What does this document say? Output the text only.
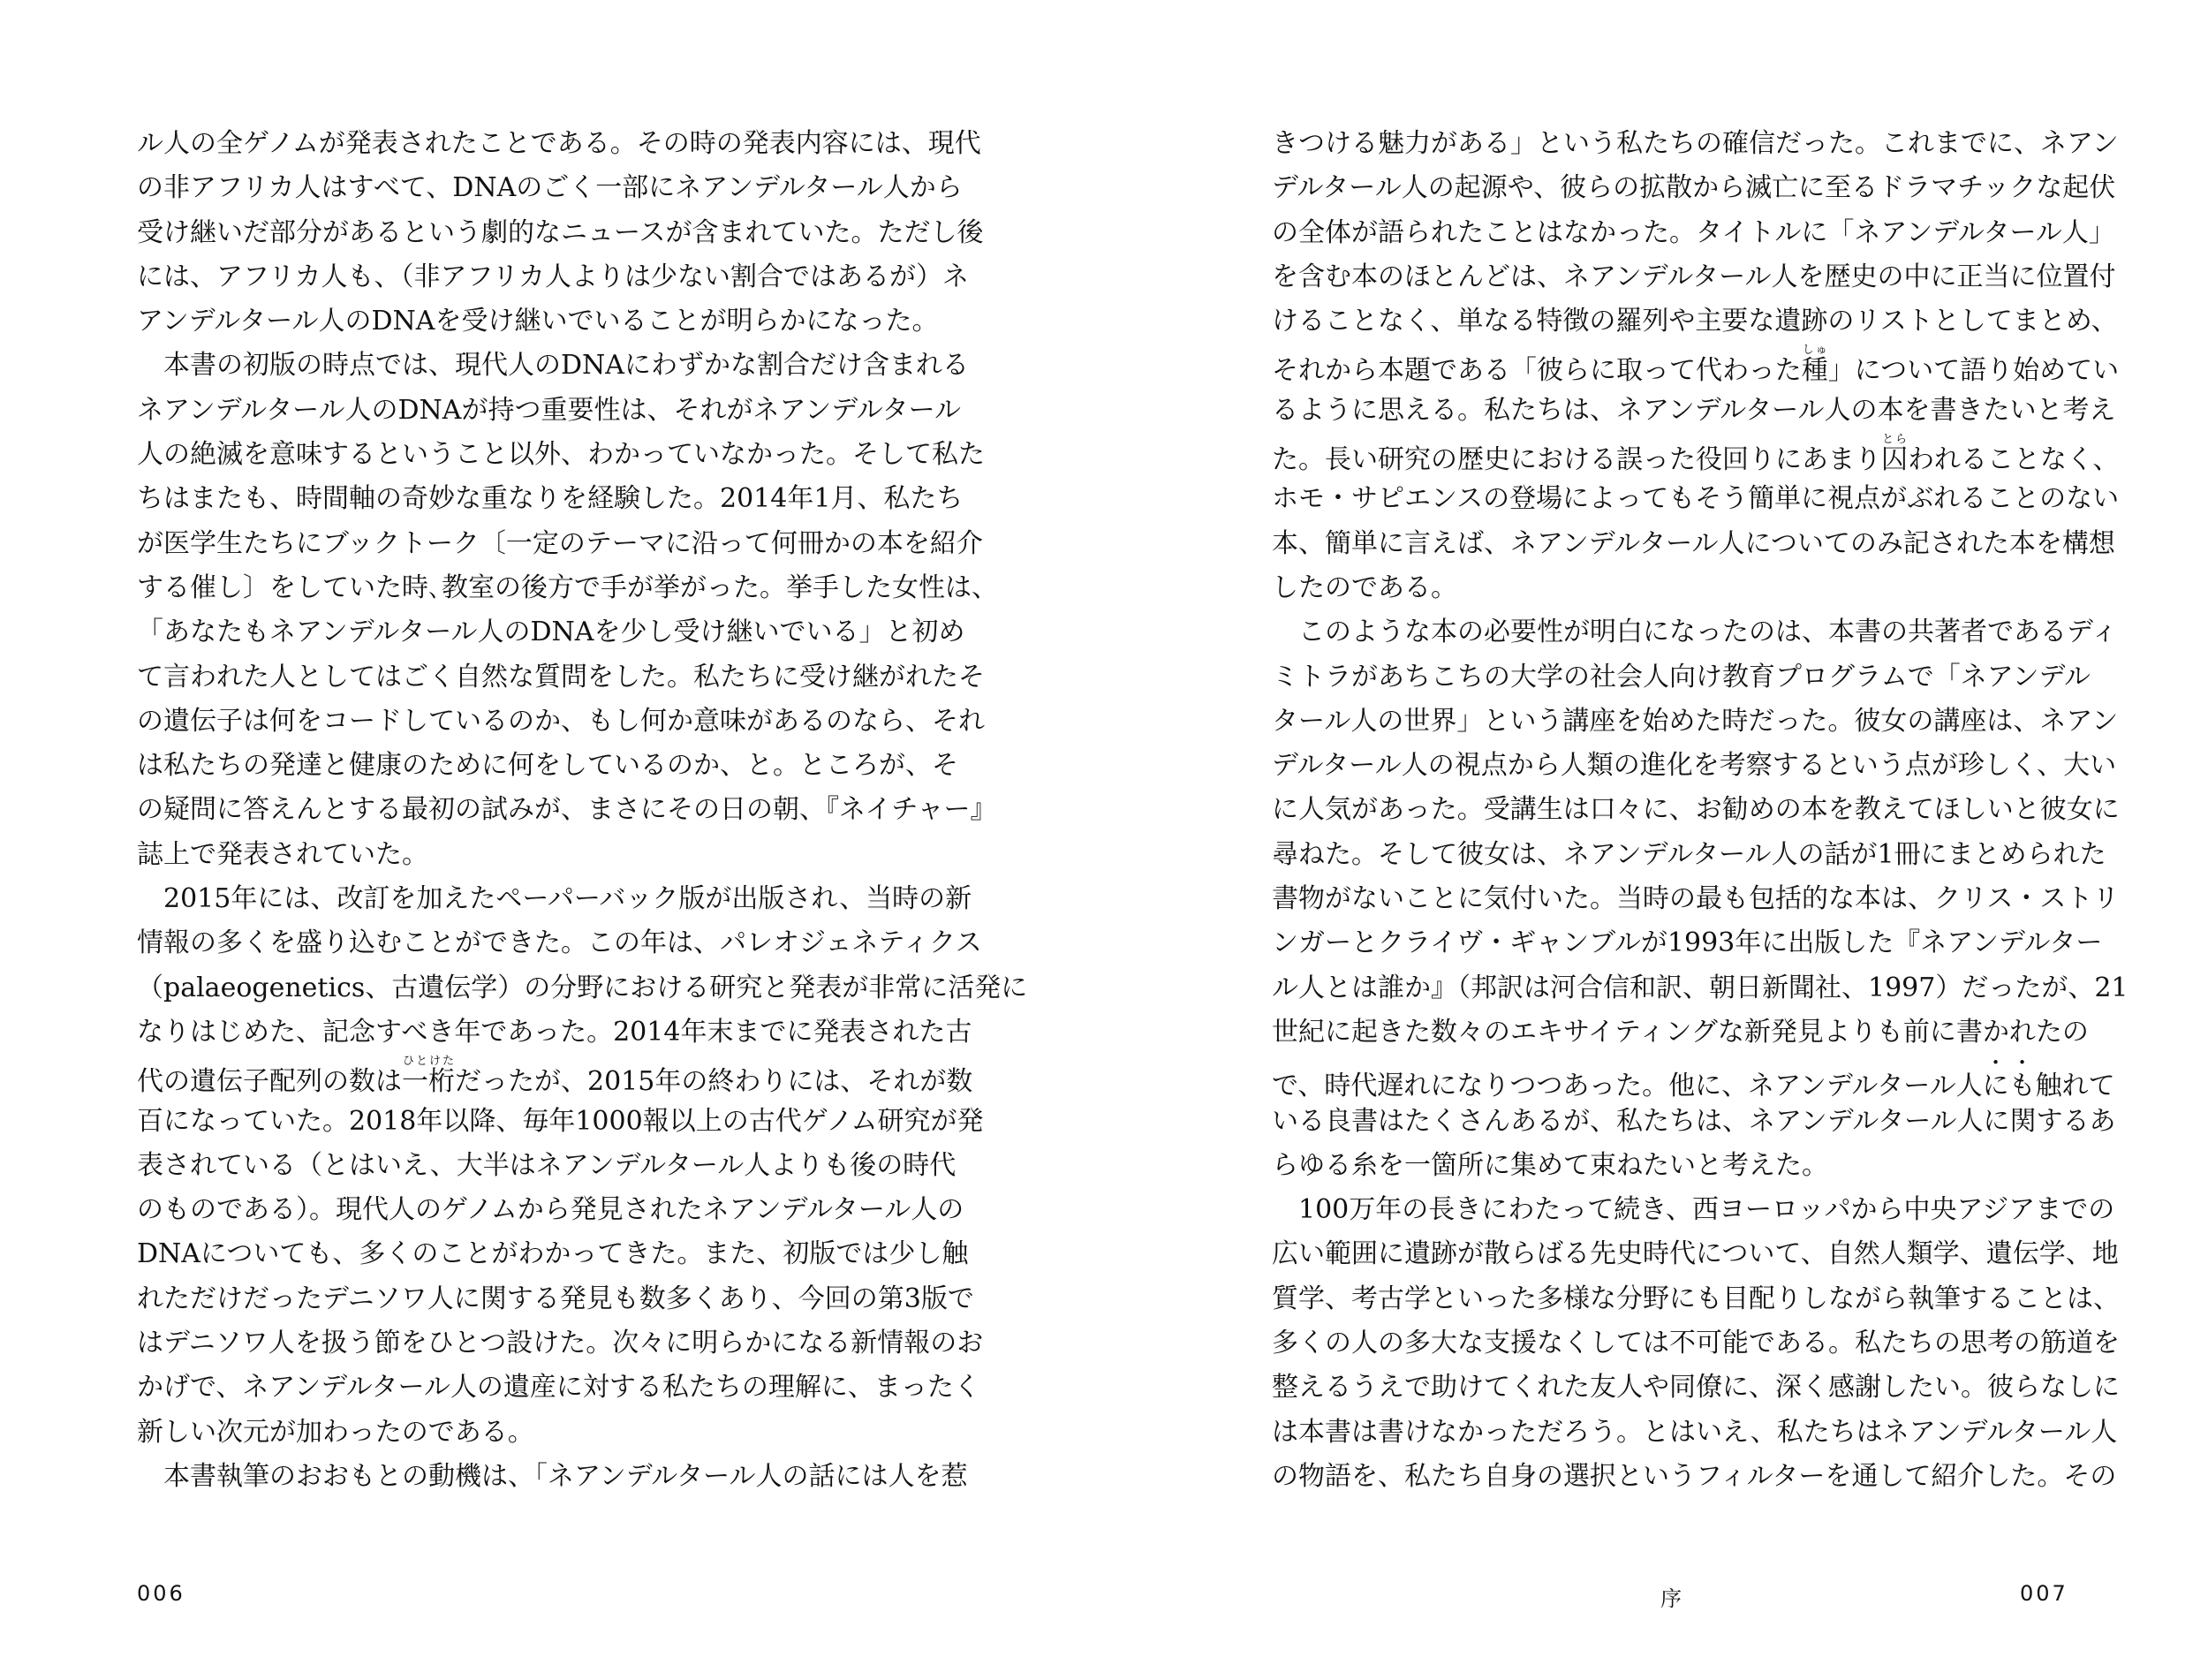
ル人の全ゲノムが発表されたことである。その時の発表内容には、現代
の非アフリカ人はすべて、DNAのごく一部にネアンデルタール人から
受け継いだ部分があるという劇的なニュースが含まれていた。ただし後
には、アフリカ人も、（非アフリカ人よりは少ない割合ではあるが）ネ
アンデルタール人のDNAを受け継いでいることが明らかになった。
本書の初版の時点では、現代人のDNAにわずかな割合だけ含まれる
ネアンデルタール人のDNAが持つ重要性は、それがネアンデルタール
人の絶滅を意味するということ以外、わかっていなかった。そして私た
ちはまたも、時間軸の奇妙な重なりを経験した。2014年1月、私たち
が医学生たちにブックトーク〔一定のテーマに沿って何冊かの本を紹介
する催し〕をしていた時､教室の後方で手が挙がった。挙手した女性は、
「あなたもネアンデルタール人のDNAを少し受け継いでいる」と初め
て言われた人としてはごく自然な質問をした。私たちに受け継がれたそ
の遺伝子は何をコードしているのか、もし何か意味があるのなら、それ
は私たちの発達と健康のために何をしているのか、と。ところが、そ
の疑問に答えんとする最初の試みが、まさにその日の朝、『ネイチャー』
誌上で発表されていた。
2015年には、改訂を加えたペーパーバック版が出版され、当時の新
情報の多くを盛り込むことができた。この年は、パレオジェネティクス
（palaeogenetics、古遺伝学）の分野における研究と発表が非常に活発に
なりはじめた、記念すべき年であった。2014年末までに発表された古
代の遺伝子配列の数は一桁ひとけただったが、2015年の終わりには、それが数
百になっていた。2018年以降、毎年1000報以上の古代ゲノム研究が発
表されている（とはいえ、大半はネアンデルタール人よりも後の時代
のものである）。現代人のゲノムから発見されたネアンデルタール人の
DNAについても、多くのことがわかってきた。また、初版では少し触
れただけだったデニソワ人に関する発見も数多くあり、今回の第3版で
はデニソワ人を扱う節をひとつ設けた。次々に明らかになる新情報のお
かげで、ネアンデルタール人の遺産に対する私たちの理解に、まったく
新しい次元が加わったのである。
本書執筆のおおもとの動機は、「ネアンデルタール人の話には人を惹
006
きつける魅力がある」という私たちの確信だった。これまでに、ネアン
デルタール人の起源や、彼らの拡散から滅亡に至るドラマチックな起伏
の全体が語られたことはなかった。タイトルに「ネアンデルタール人」
を含む本のほとんどは、ネアンデルタール人を歴史の中に正当に位置付
けることなく、単なる特徴の羅列や主要な遺跡のリストとしてまとめ、
それから本題である「彼らに取って代わった種しゅ」について語り始めてい
るように思える。私たちは、ネアンデルタール人の本を書きたいと考え
た。長い研究の歴史における誤った役回りにあまり囚とらわれることなく、
ホモ・サピエンスの登場によってもそう簡単に視点がぶれることのない
本、簡単に言えば、ネアンデルタール人についてのみ記された本を構想
したのである。
このような本の必要性が明白になったのは、本書の共著者であるディ
ミトラがあちこちの大学の社会人向け教育プログラムで「ネアンデル
タール人の世界」という講座を始めた時だった。彼女の講座は、ネアン
デルタール人の視点から人類の進化を考察するという点が珍しく、大い
に人気があった。受講生は口々に、お勧めの本を教えてほしいと彼女に
尋ねた。そして彼女は、ネアンデルタール人の話が1冊にまとめられた
書物がないことに気付いた。当時の最も包括的な本は、クリス・ストリ
ンガーとクライヴ・ギャンブルが1993年に出版した『ネアンデルター
ル人とは誰か』（邦訳は河合信和訳、朝日新聞社、1997）だったが、21
世紀に起きた数々のエキサイティングな新発見よりも前に書かれたの
で、時代遅れになりつつあった。他に、ネアンデルタール人にも触れて
いる良書はたくさんあるが、私たちは、ネアンデルタール人に関するあ
らゆる糸を一箇所に集めて束ねたいと考えた。
100万年の長きにわたって続き、西ヨーロッパから中央アジアまでの
広い範囲に遺跡が散らばる先史時代について、自然人類学、遺伝学、地
質学、考古学といった多様な分野にも目配りしながら執筆することは、
多くの人の多大な支援なくしては不可能である。私たちの思考の筋道を
整えるうえで助けてくれた友人や同僚に、深く感謝したい。彼らなしに
は本書は書けなかっただろう。とはいえ、私たちはネアンデルタール人
の物語を、私たち自身の選択というフィルターを通して紹介した。その
序	007
